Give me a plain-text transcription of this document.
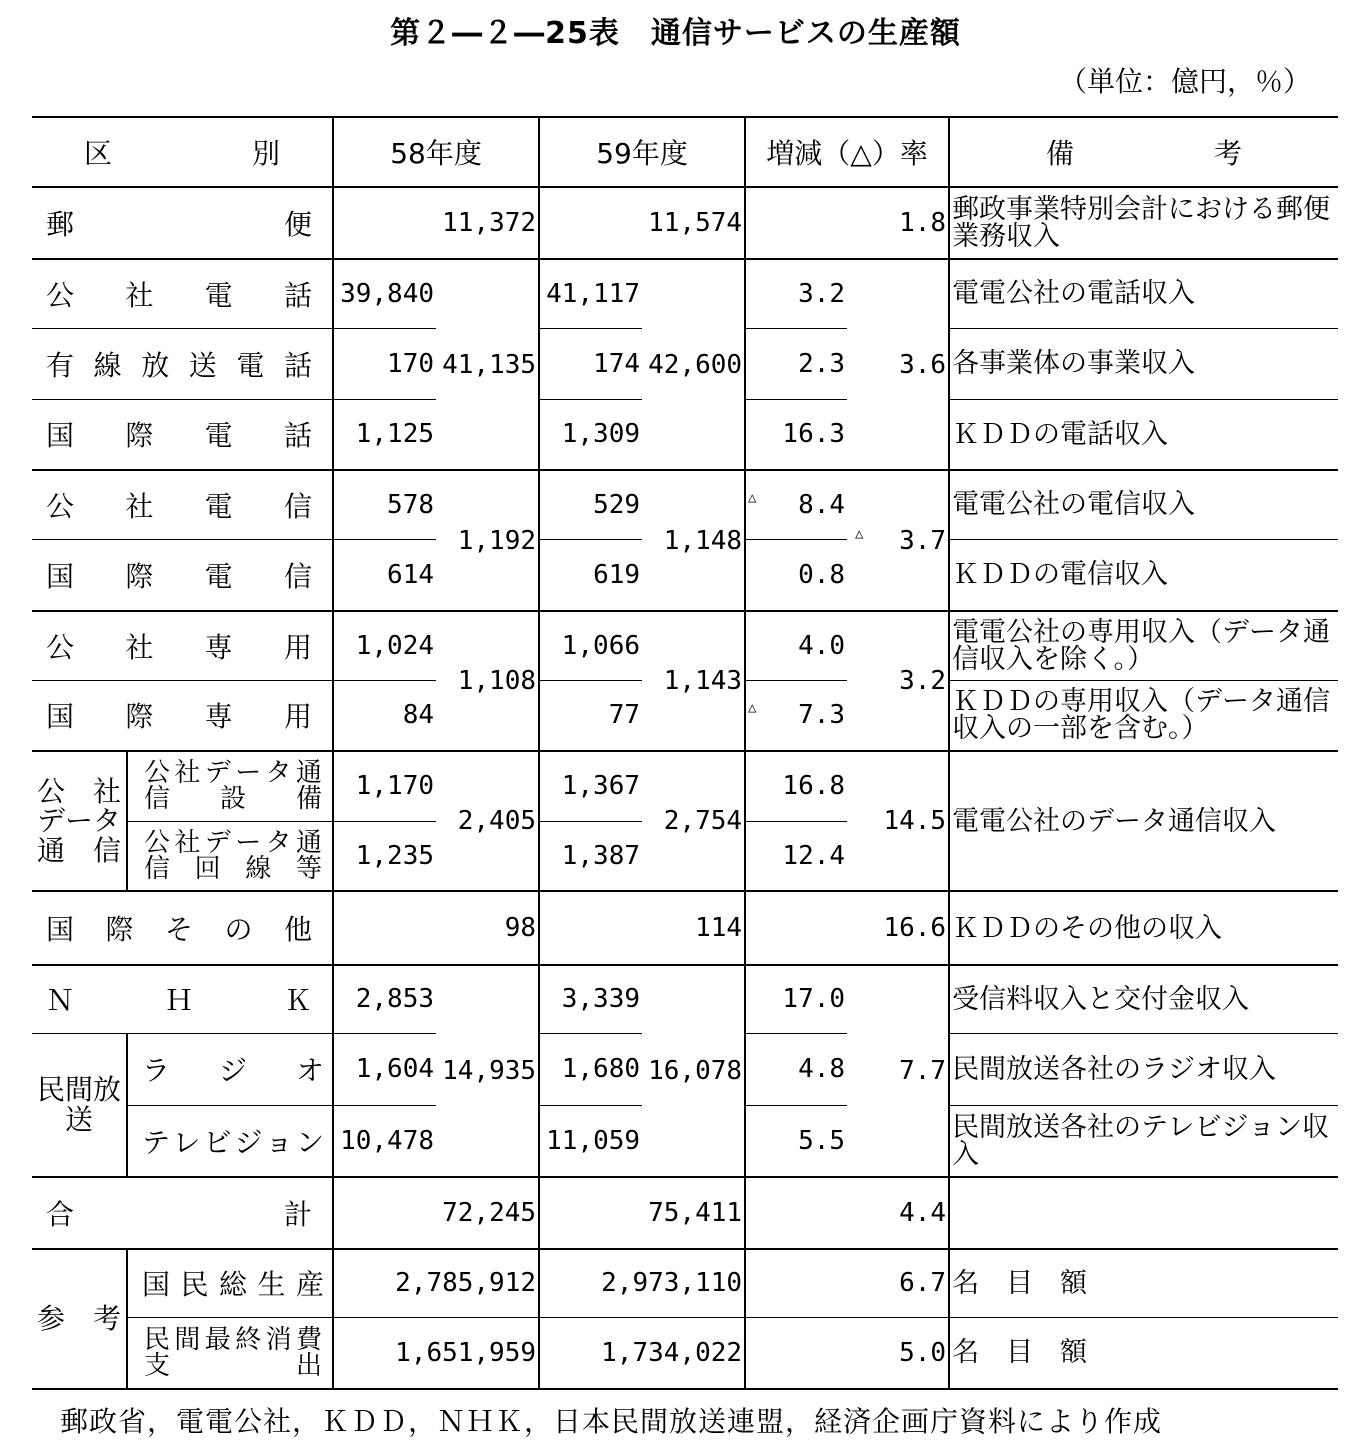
第２―２―25表　通信サービスの生産額
（単位：億円，％）
区　　　　　別		58年度		59年度		増減（△）率		備　　　　　考
郵便		11,372		11,574		1.8		郵政事業特別会計における郵便業務収入
公社電話		39,840	41,135	41,117	42,600	3.2	3.6	電電公社の電話収入
有線放送電話		170		174		2.3		各事業体の事業収入
国際電話		1,125		1,309		16.3		ＫＤＤの電話収入
公社電信		578	1,192	529	1,148	△ 8.4	△ 3.7	電電公社の電信収入
国際電信		614		619		0.8		ＫＤＤの電信収入
公社専用		1,024	1,108	1,066	1,143	4.0	3.2	電電公社の専用収入（データ通信収入を除く。）
国際専用		84		77		△ 7.3		ＫＤＤの専用収入（データ通信収入の一部を含む。）
公　社データ通　信	公社データ通信設備	1,170	2,405	1,367	2,754	16.8	14.5	電電公社のデータ通信収入
	公社データ通信回線等	1,235		1,387		12.4		
国際その他		98		114		16.6		ＫＤＤのその他の収入
ＮＨＫ		2,853	14,935	3,339	16,078	17.0	7.7	受信料収入と交付金収入
民間放送	ラジオ	1,604		1,680		4.8		民間放送各社のラジオ収入
	テレビジョン	10,478		11,059		5.5		民間放送各社のテレビジョン収入
合　　　　計		72,245		75,411		4.4		
参　考	国民総生産	2,785,912		2,973,110		6.7		名　目　額
	民間最終消費支出	1,651,959		1,734,022		5.0		名　目　額
郵政省，電電公社，ＫＤＤ，ＮＨＫ，日本民間放送連盟，経済企画庁資料により作成
